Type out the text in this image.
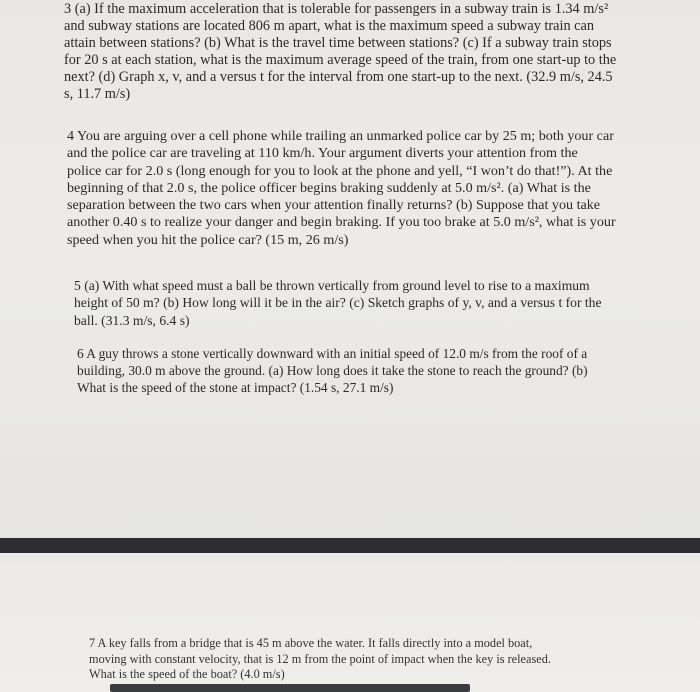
3 (a) If the maximum acceleration that is tolerable for passengers in a subway train is 1.34 m/s²
and subway stations are located 806 m apart, what is the maximum speed a subway train can
attain between stations? (b) What is the travel time between stations? (c) If a subway train stops
for 20 s at each station, what is the maximum average speed of the train, from one start-up to the
next? (d) Graph x, v, and a versus t for the interval from one start-up to the next. (32.9 m/s, 24.5
s, 11.7 m/s)
4 You are arguing over a cell phone while trailing an unmarked police car by 25 m; both your car
and the police car are traveling at 110 km/h. Your argument diverts your attention from the
police car for 2.0 s (long enough for you to look at the phone and yell, “I won’t do that!”). At the
beginning of that 2.0 s, the police officer begins braking suddenly at 5.0 m/s². (a) What is the
separation between the two cars when your attention finally returns? (b) Suppose that you take
another 0.40 s to realize your danger and begin braking. If you too brake at 5.0 m/s², what is your
speed when you hit the police car? (15 m, 26 m/s)
5 (a) With what speed must a ball be thrown vertically from ground level to rise to a maximum
height of 50 m? (b) How long will it be in the air? (c) Sketch graphs of y, v, and a versus t for the
ball. (31.3 m/s, 6.4 s)
6 A guy throws a stone vertically downward with an initial speed of 12.0 m/s from the roof of a
building, 30.0 m above the ground. (a) How long does it take the stone to reach the ground? (b)
What is the speed of the stone at impact? (1.54 s, 27.1 m/s)
7 A key falls from a bridge that is 45 m above the water. It falls directly into a model boat,
moving with constant velocity, that is 12 m from the point of impact when the key is released.
What is the speed of the boat? (4.0 m/s)
